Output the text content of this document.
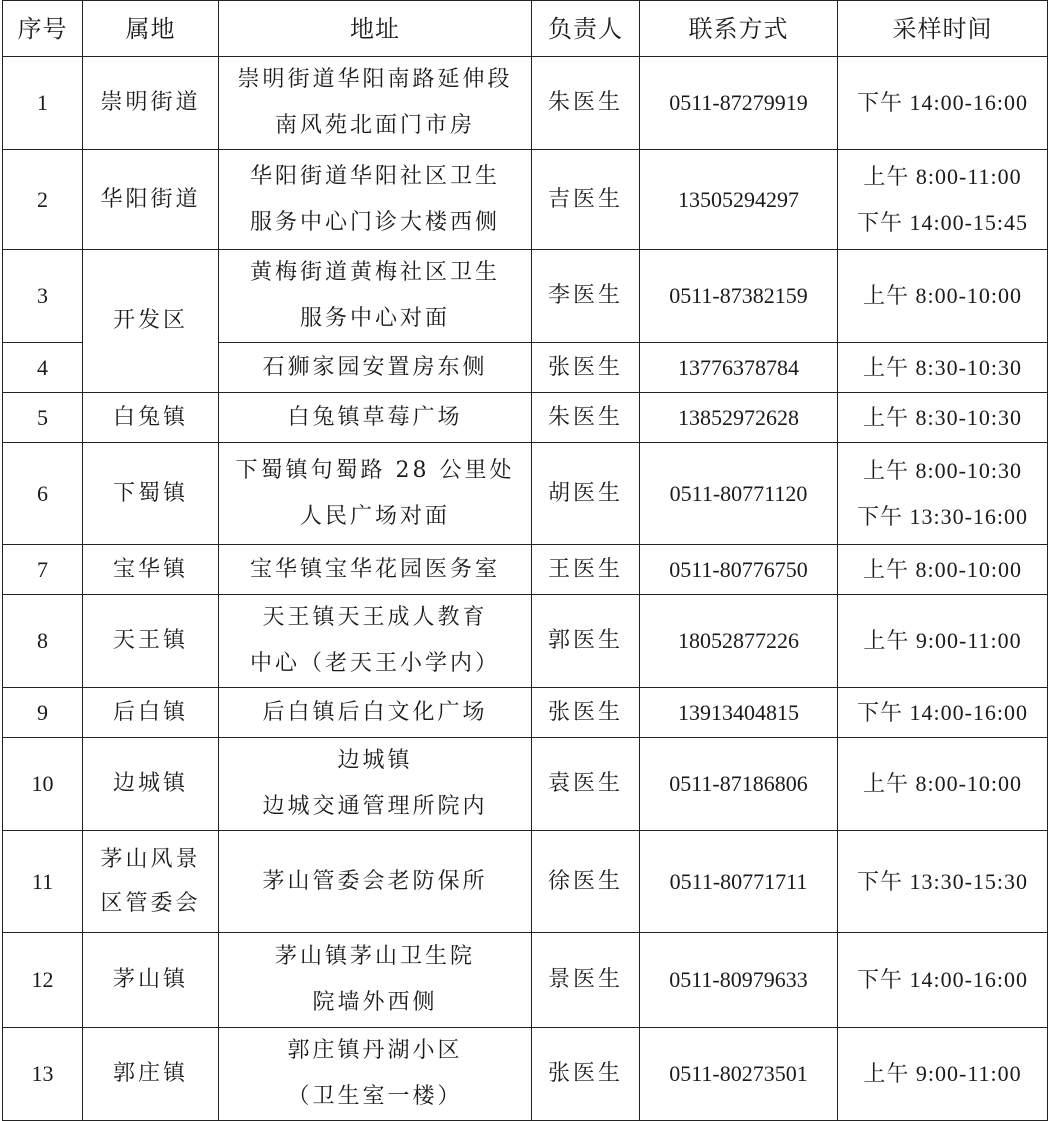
序号	属地	地址	负责人	联系方式	采样时间
1	崇明街道	崇明街道华阳南路延伸段
南风苑北面门市房	朱医生	0511-87279919	下午 14:00-16:00

2	华阳街道	华阳街道华阳社区卫生
服务中心门诊大楼西侧	吉医生	13505294297	上午 8:00-11:00
下午 14:00-15:45

3	开发区	黄梅街道黄梅社区卫生
服务中心对面	李医生	0511-87382159	上午 8:00-10:00

4		石狮家园安置房东侧	张医生	13776378784	上午 8:30-10:30

5	白兔镇	白兔镇草莓广场	朱医生	13852972628	上午 8:30-10:30

6	下蜀镇	下蜀镇句蜀路 28 公里处
人民广场对面	胡医生	0511-80771120	上午 8:00-10:30
下午 13:30-16:00

7	宝华镇	宝华镇宝华花园医务室	王医生	0511-80776750	上午 8:00-10:00

8	天王镇	天王镇天王成人教育
中心（老天王小学内）	郭医生	18052877226	上午 9:00-11:00

9	后白镇	后白镇后白文化广场	张医生	13913404815	下午 14:00-16:00

10	边城镇	边城镇
边城交通管理所院内	袁医生	0511-87186806	上午 8:00-10:00

11	茅山风景区管委会	茅山管委会老防保所	徐医生	0511-80771711	下午 13:30-15:30

12	茅山镇	茅山镇茅山卫生院
院墙外西侧	景医生	0511-80979633	下午 14:00-16:00

13	郭庄镇	郭庄镇丹湖小区
（卫生室一楼）	张医生	0511-80273501	上午 9:00-11:00
